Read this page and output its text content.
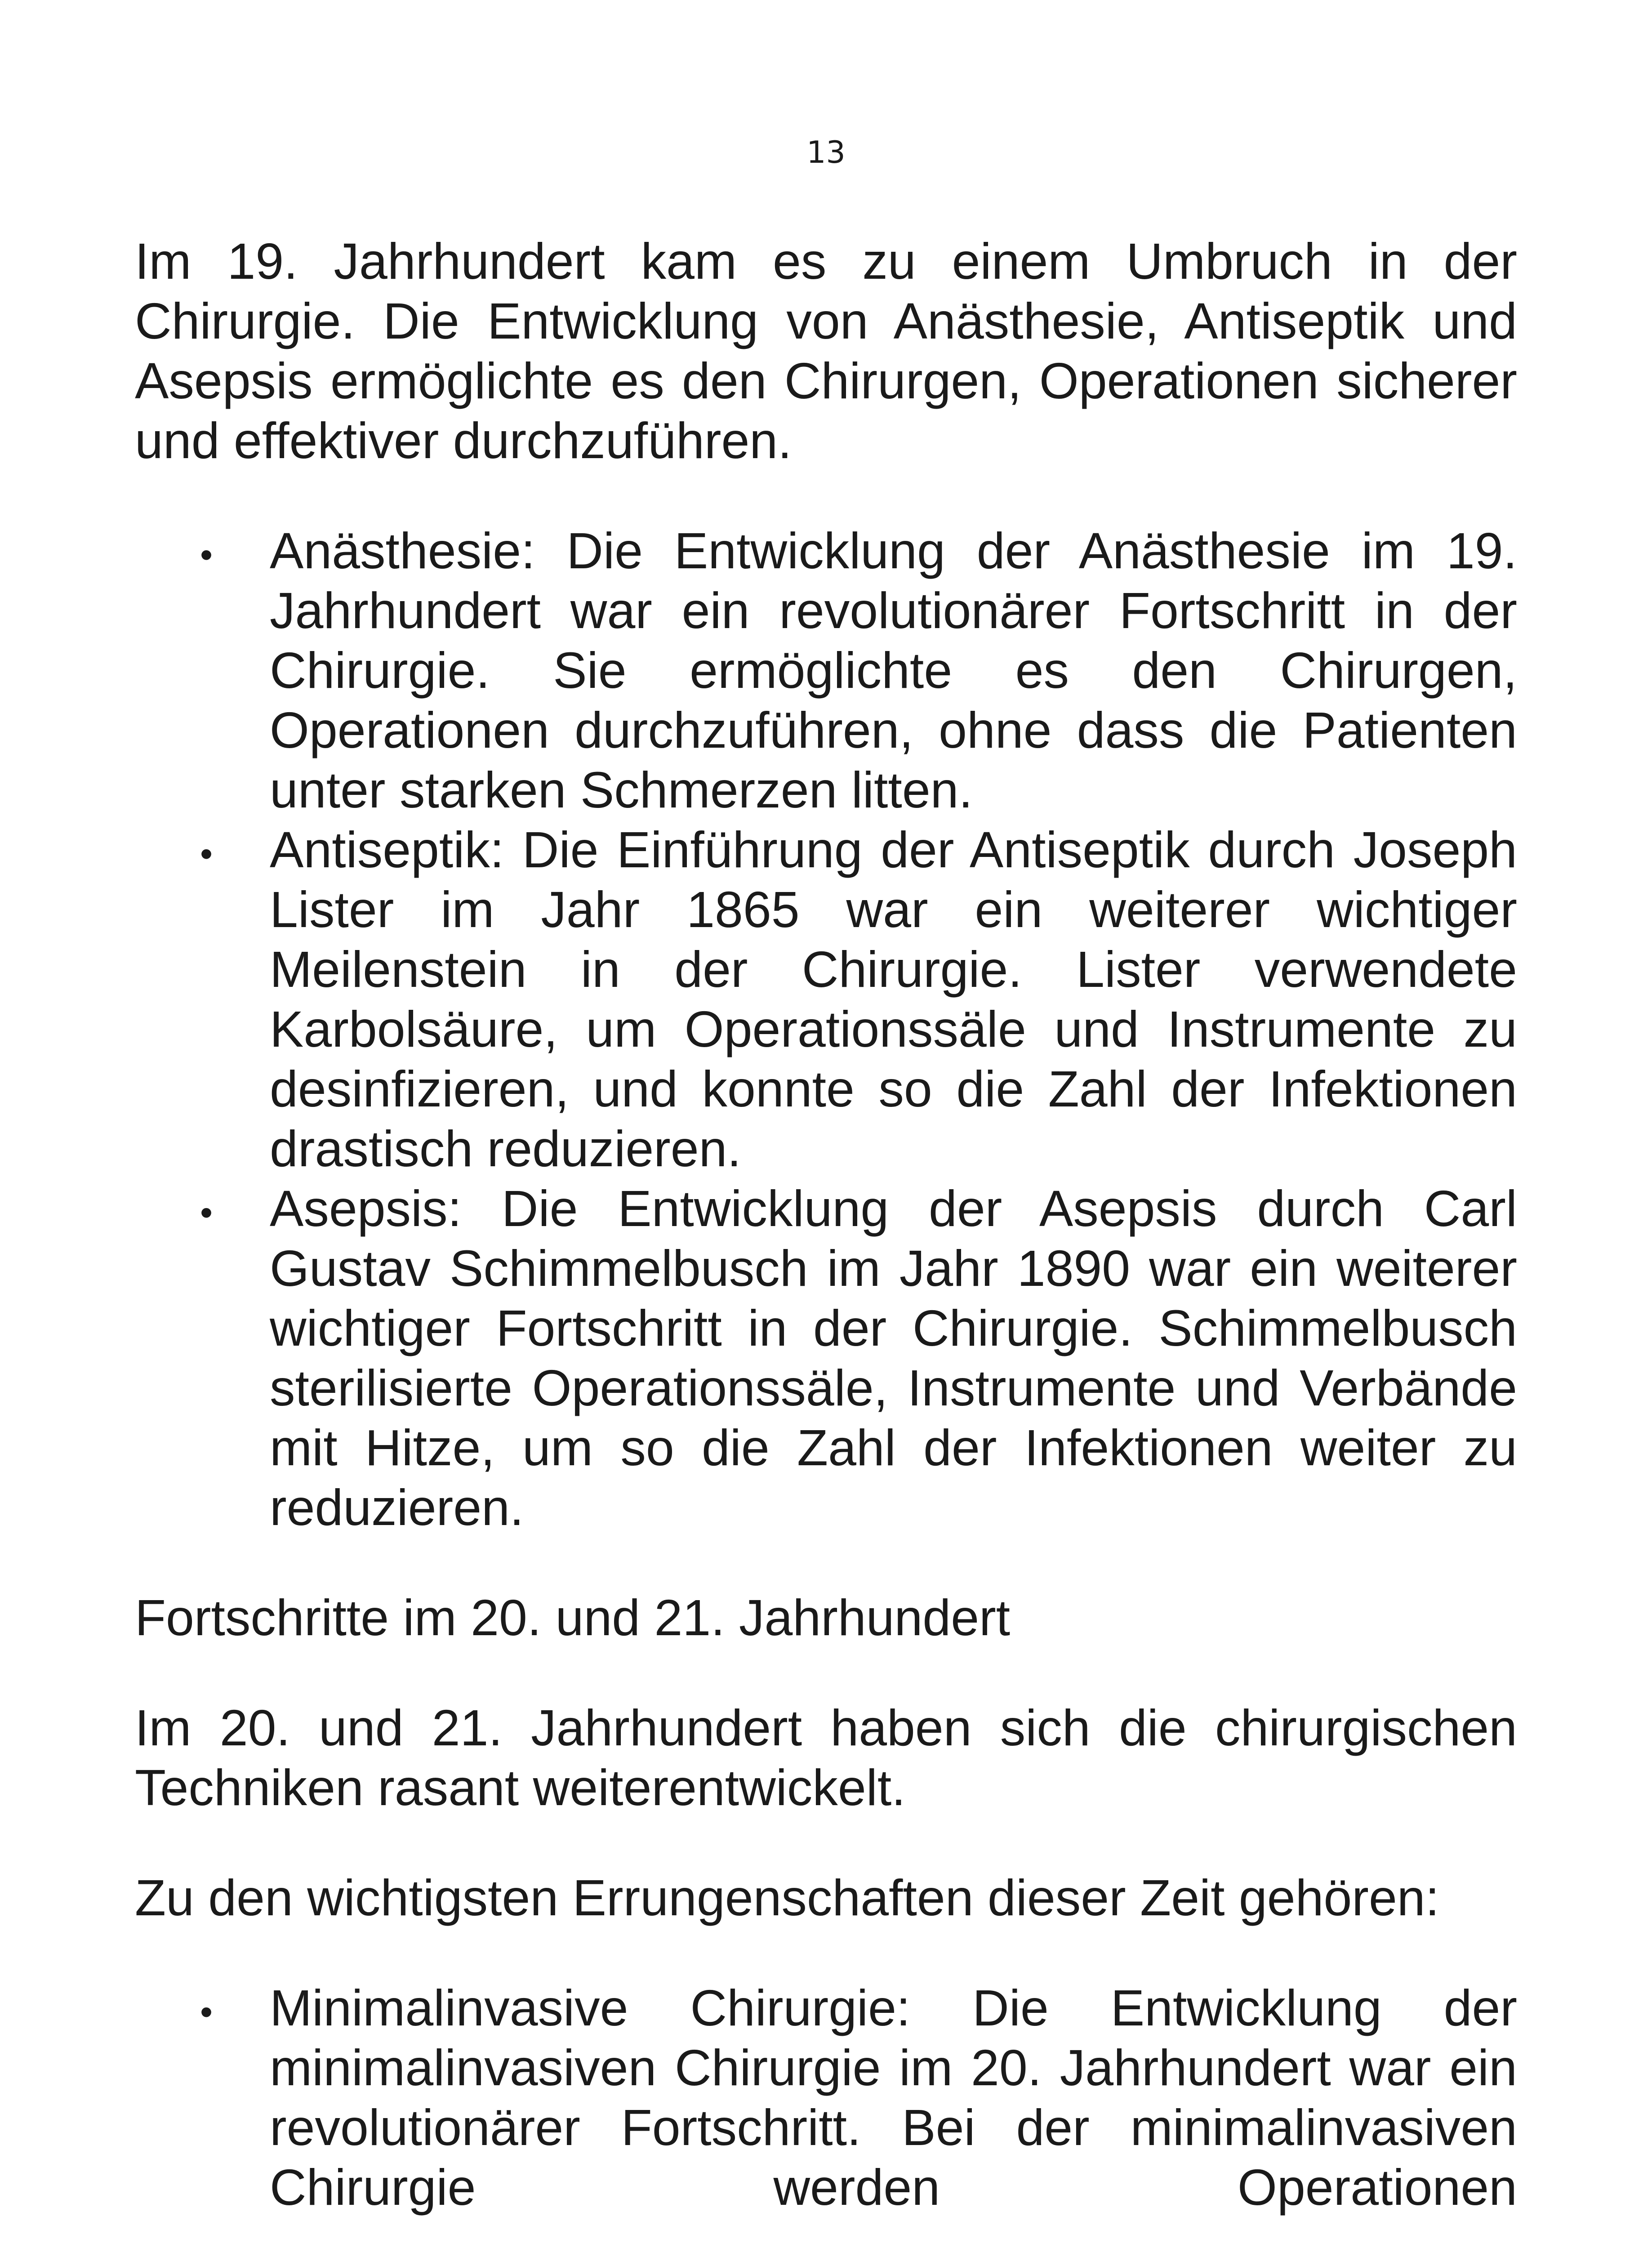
13

Im 19. Jahrhundert kam es zu einem Umbruch in der Chirurgie. Die Entwicklung von Anästhesie, Antiseptik und Asepsis ermöglichte es den Chirurgen, Operationen sicherer und effektiver durchzuführen.

• Anästhesie: Die Entwicklung der Anästhesie im 19. Jahrhundert war ein revolutionärer Fortschritt in der Chirurgie. Sie ermöglichte es den Chirurgen, Operationen durchzuführen, ohne dass die Patienten unter starken Schmerzen litten.
• Antiseptik: Die Einführung der Antiseptik durch Joseph Lister im Jahr 1865 war ein weiterer wichtiger Meilenstein in der Chirurgie. Lister verwendete Karbolsäure, um Operationssäle und Instrumente zu desinfizieren, und konnte so die Zahl der Infektionen drastisch reduzieren.
• Asepsis: Die Entwicklung der Asepsis durch Carl Gustav Schimmelbusch im Jahr 1890 war ein weiterer wichtiger Fortschritt in der Chirurgie. Schimmelbusch sterilisierte Operationssäle, Instrumente und Verbände mit Hitze, um so die Zahl der Infektionen weiter zu reduzieren.

Fortschritte im 20. und 21. Jahrhundert

Im 20. und 21. Jahrhundert haben sich die chirurgischen Techniken rasant weiterentwickelt.

Zu den wichtigsten Errungenschaften dieser Zeit gehören:

• Minimalinvasive Chirurgie: Die Entwicklung der minimalinvasiven Chirurgie im 20. Jahrhundert war ein revolutionärer Fortschritt. Bei der minimalinvasiven Chirurgie werden Operationen
